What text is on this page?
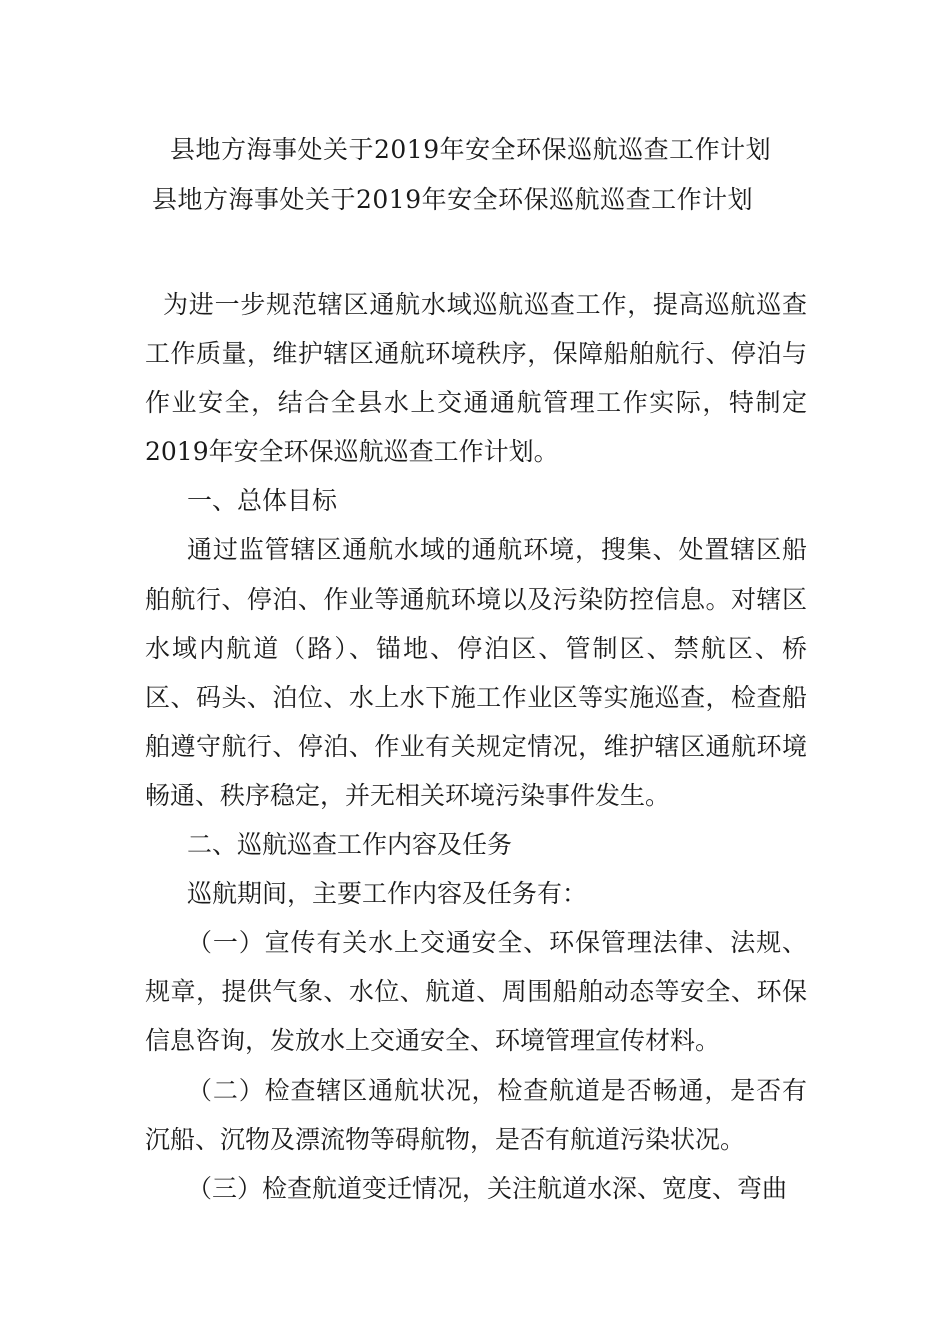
县地方海事处关于2019年安全环保巡航巡查工作计划
县地方海事处关于2019年安全环保巡航巡查工作计划

为进一步规范辖区通航水域巡航巡查工作，提高巡航巡查工作质量，维护辖区通航环境秩序，保障船舶航行、停泊与作业安全，结合全县水上交通通航管理工作实际，特制定2019年安全环保巡航巡查工作计划。

一、总体目标

通过监管辖区通航水域的通航环境，搜集、处置辖区船舶航行、停泊、作业等通航环境以及污染防控信息。对辖区水域内航道（路）、锚地、停泊区、管制区、禁航区、桥区、码头、泊位、水上水下施工作业区等实施巡查，检查船舶遵守航行、停泊、作业有关规定情况，维护辖区通航环境畅通、秩序稳定，并无相关环境污染事件发生。

二、巡航巡查工作内容及任务

巡航期间，主要工作内容及任务有：

（一）宣传有关水上交通安全、环保管理法律、法规、规章，提供气象、水位、航道、周围船舶动态等安全、环保信息咨询，发放水上交通安全、环境管理宣传材料。

（二）检查辖区通航状况，检查航道是否畅通，是否有沉船、沉物及漂流物等碍航物，是否有航道污染状况。

（三）检查航道变迁情况，关注航道水深、宽度、弯曲
